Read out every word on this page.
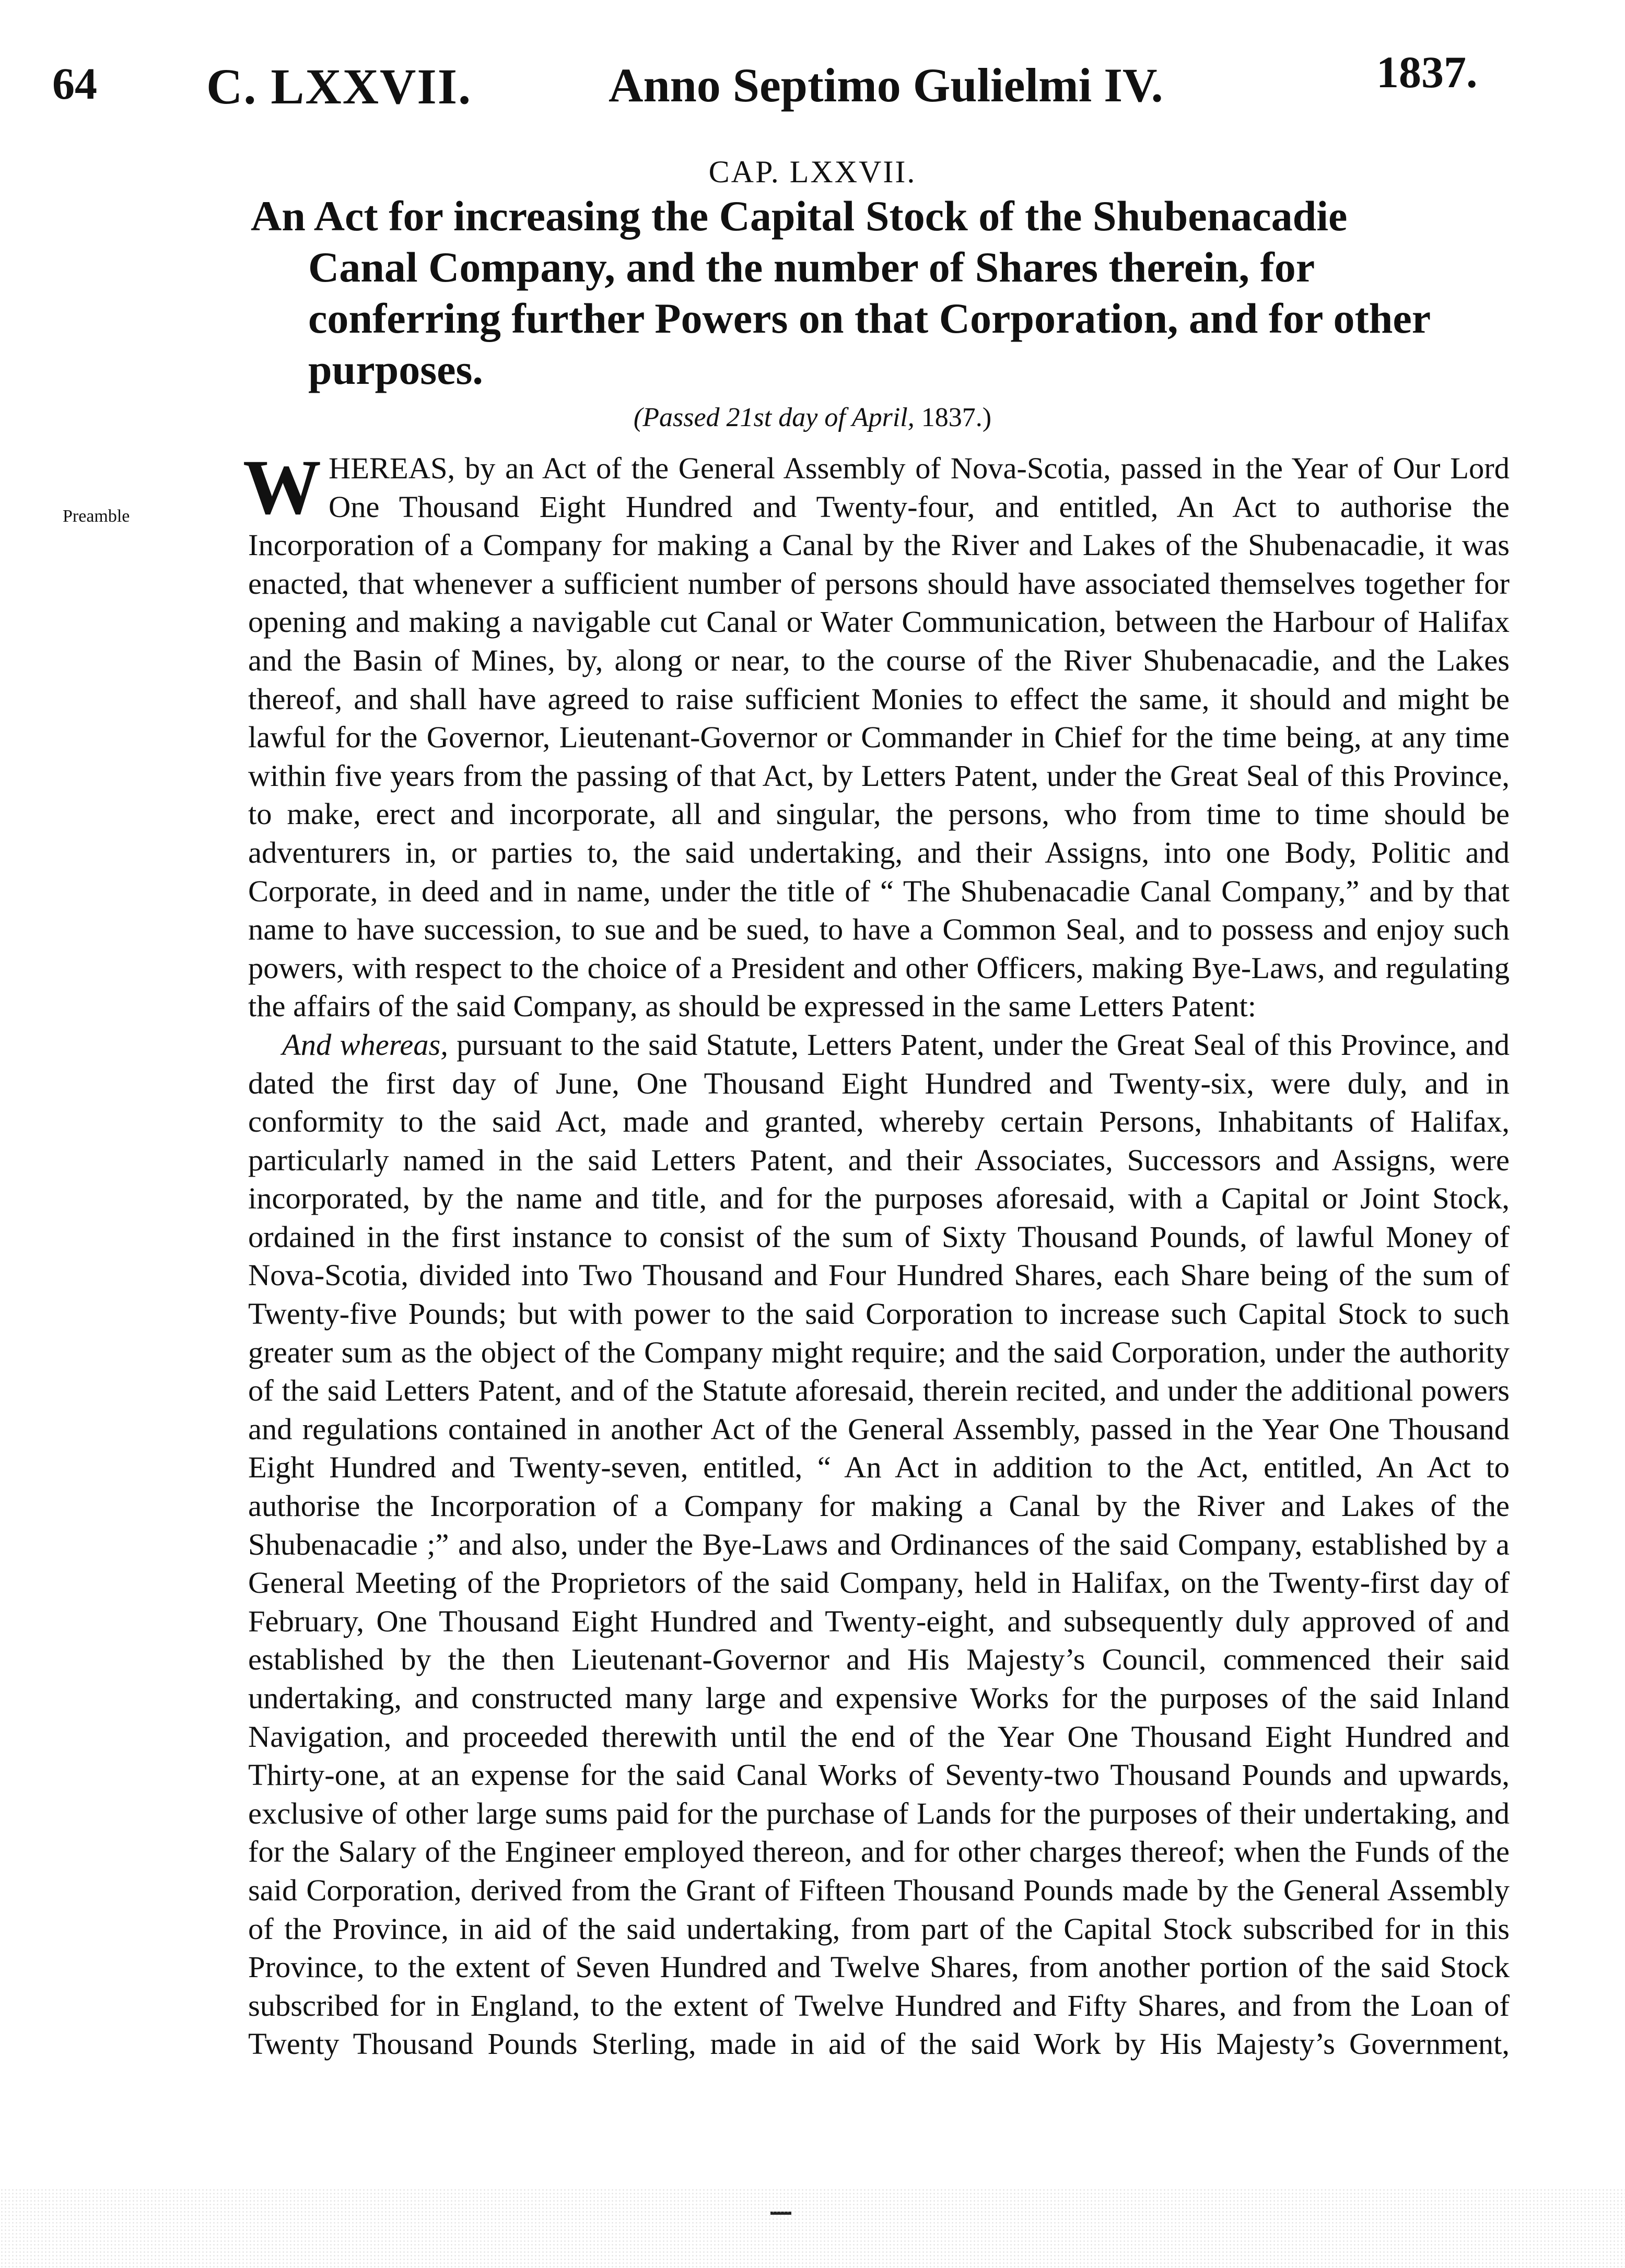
64 C. LXXVII.	Anno Septimo Gulielmi IV.	1837.
CAP. LXXVII.
An Act for increasing the Capital Stock of the Shubenacadie
Canal Company, and the number of Shares therein, for conferring further Powers on that Corporation, and for other purposes.
(Passed 21st day of April, 1837.)
Preamble WHEREAS, by an Act of the General Assembly of Nova-Scotia, passed in the Year of Our Lord One Thousand Eight Hundred and Twenty-four, and entitled, An Act to authorise the Incorporation of a Company for making a Canal by the River and Lakes of the Shubenacadie, it was enacted, that whenever a sufficient number of persons should have associated themselves together for opening and making a navigable cut Canal or Water Communication, between the Harbour of Halifax and the Basin of Mines, by, along or near, to the course of the River Shubenacadie, and the Lakes thereof, and shall have agreed to raise sufficient Monies to effect the same, it should and might be lawful for the Governor, Lieutenant-Governor or Commander in Chief for the time being, at any time within five years from the passing of that Act, by Letters Patent, under the Great Seal of this Province, to make, erect and incorporate, all and singular, the persons, who from time to time should be adventurers in, or parties to, the said undertaking, and their Assigns, into one Body, Politic and Corporate, in deed and in name, under the title of “ The Shubenacadie Canal Company,” and by that name to have succession, to sue and be sued, to have a Common Seal, and to possess and enjoy such powers, with respect to the choice of a President and other Officers, making Bye-Laws, and regulating the affairs of the said Company, as should be expressed in the same Letters Patent:

And whereas, pursuant to the said Statute, Letters Patent, under the Great Seal of this Province, and dated the first day of June, One Thousand Eight Hundred and Twenty-six, were duly, and in conformity to the said Act, made and granted, whereby certain Persons, Inhabitants of Halifax, particularly named in the said Letters Patent, and their Associates, Successors and Assigns, were incorporated, by the name and title, and for the purposes aforesaid, with a Capital or Joint Stock, ordained in the first instance to consist of the sum of Sixty Thousand Pounds, of lawful Money of Nova-Scotia, divided into Two Thousand and Four Hundred Shares, each Share being of the sum of Twenty-five Pounds; but with power to the said Corporation to increase such Capital Stock to such greater sum as the object of the Company might require; and the said Corporation, under the authority of the said Letters Patent, and of the Statute aforesaid, therein recited, and under the additional powers and regulations contained in another Act of the General Assembly, passed in the Year One Thousand Eight Hundred and Twenty-seven, entitled, “ An Act in addition to the Act, entitled, An Act to authorise the Incorporation of a Company for making a Canal by the River and Lakes of the Shubenacadie ;” and also, under the Bye-Laws and Ordinances of the said Company, established by a General Meeting of the Proprietors of the said Company, held in Halifax, on the Twenty-first day of February, One Thousand Eight Hundred and Twenty-eight, and subsequently duly approved of and established by the then Lieutenant-Governor and His Majesty’s Council, commenced their said undertaking, and constructed many large and expensive Works for the purposes of the said Inland Navigation, and proceeded therewith until the end of the Year One Thousand Eight Hundred and Thirty-one, at an expense for the said Canal Works of Seventy-two Thousand Pounds and upwards, exclusive of other large sums paid for the purchase of Lands for the purposes of their undertaking, and for the Salary of the Engineer employed thereon, and for other charges thereof; when the Funds of the said Corporation, derived from the Grant of Fifteen Thousand Pounds made by the General Assembly of the Province, in aid of the said undertaking, from part of the Capital Stock subscribed for in this Province, to the extent of Seven Hundred and Twelve Shares, from another portion of the said Stock subscribed for in England, to the extent of Twelve Hundred and Fifty Shares, and from the Loan of Twenty Thousand Pounds Sterling, made in aid of the said Work by His Majesty’s Government,
